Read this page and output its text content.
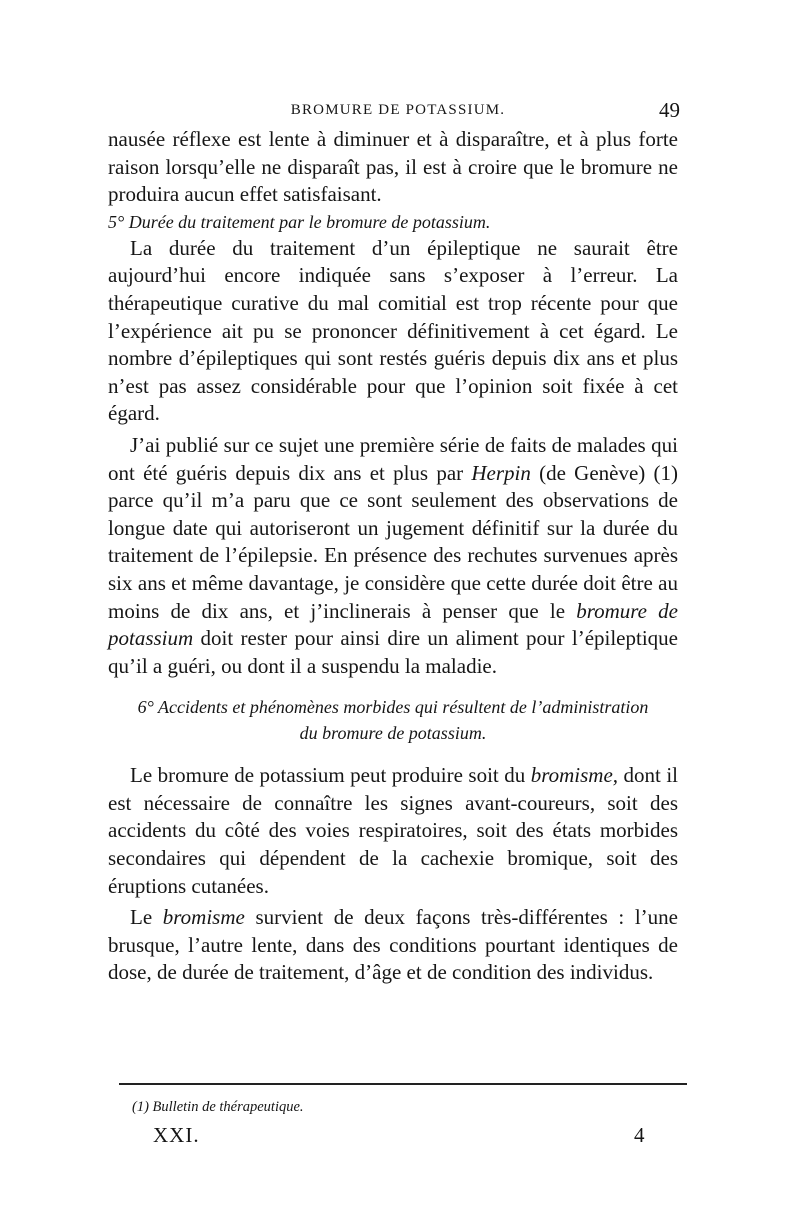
BROMURE DE POTASSIUM.	49

nausée réflexe est lente à diminuer et à disparaître, et à plus forte raison lorsqu’elle ne disparaît pas, il est à croire que le bromure ne produira aucun effet satisfaisant.

5° Durée du traitement par le bromure de potassium.

La durée du traitement d’un épileptique ne saurait être aujourd’hui encore indiquée sans s’exposer à l’erreur. La thérapeutique curative du mal comitial est trop récente pour que l’expérience ait pu se prononcer définitivement à cet égard. Le nombre d’épileptiques qui sont restés guéris depuis dix ans et plus n’est pas assez considérable pour que l’opinion soit fixée à cet égard.

J’ai publié sur ce sujet une première série de faits de malades qui ont été guéris depuis dix ans et plus par Herpin (de Genève) (1) parce qu’il m’a paru que ce sont seulement des observations de longue date qui autoriseront un jugement définitif sur la durée du traitement de l’épilepsie. En présence des rechutes survenues après six ans et même davantage, je considère que cette durée doit être au moins de dix ans, et j’inclinerais à penser que le bromure de potassium doit rester pour ainsi dire un aliment pour l’épileptique qu’il a guéri, ou dont il a suspendu la maladie.

6° Accidents et phénomènes morbides qui résultent de l’administration
du bromure de potassium.

Le bromure de potassium peut produire soit du bromisme, dont il est nécessaire de connaître les signes avant-coureurs, soit des accidents du côté des voies respiratoires, soit des états morbides secondaires qui dépendent de la cachexie bromique, soit des éruptions cutanées.

Le bromisme survient de deux façons très-différentes : l’une brusque, l’autre lente, dans des conditions pourtant identiques de dose, de durée de traitement, d’âge et de condition des individus.

(1) Bulletin de thérapeutique.
XXI.	4
